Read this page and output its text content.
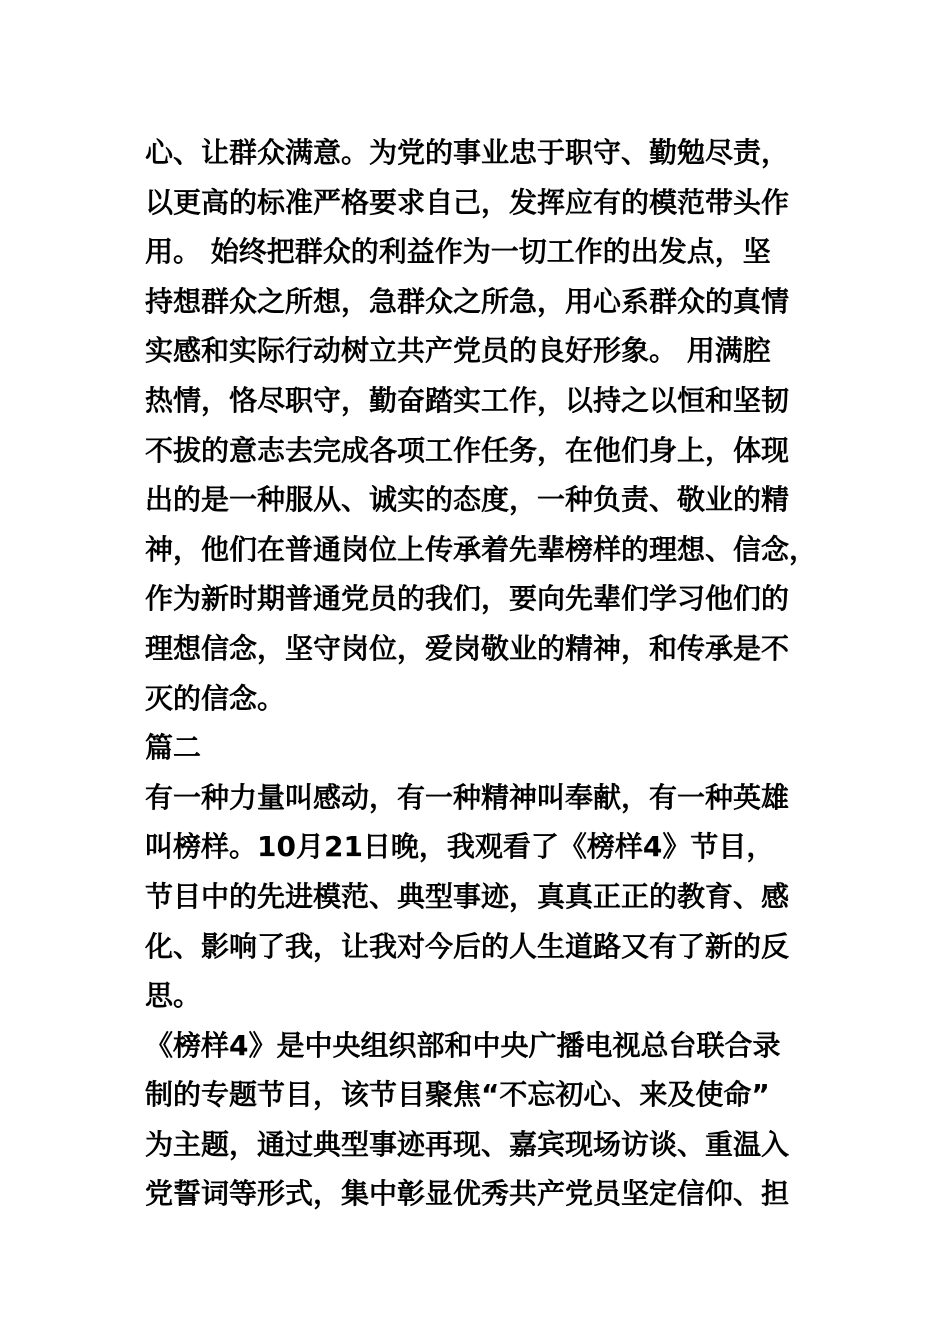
心、让群众满意。为党的事业忠于职守、勤勉尽责，
以更高的标准严格要求自己，发挥应有的模范带头作
用。 始终把群众的利益作为一切工作的出发点，坚
持想群众之所想，急群众之所急，用心系群众的真情
实感和实际行动树立共产党员的良好形象。 用满腔
热情，恪尽职守，勤奋踏实工作，以持之以恒和坚韧
不拔的意志去完成各项工作任务，在他们身上，体现
出的是一种服从、诚实的态度，一种负责、敬业的精
神，他们在普通岗位上传承着先辈榜样的理想、信念，
作为新时期普通党员的我们，要向先辈们学习他们的
理想信念，坚守岗位，爱岗敬业的精神，和传承是不
灭的信念。
篇二
有一种力量叫感动，有一种精神叫奉献，有一种英雄
叫榜样。10月21日晚，我观看了《榜样4》节目，
节目中的先进模范、典型事迹，真真正正的教育、感
化、影响了我，让我对今后的人生道路又有了新的反
思。
《榜样4》是中央组织部和中央广播电视总台联合录
制的专题节目，该节目聚焦“不忘初心、来及使命”
为主题，通过典型事迹再现、嘉宾现场访谈、重温入
党誓词等形式，集中彰显优秀共产党员坚定信仰、担
